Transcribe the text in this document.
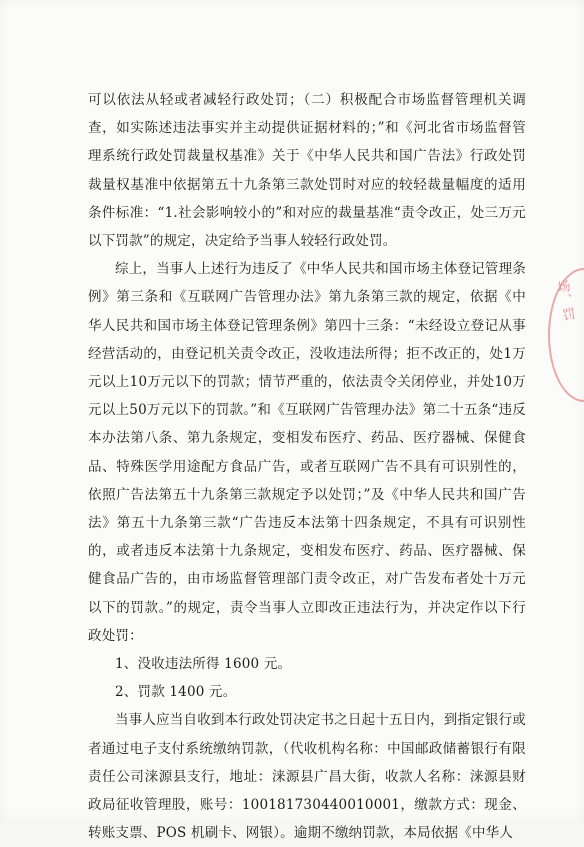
可以依法从轻或者减轻行政处罚；（二）积极配合市场监督管理机关调查，如实陈述违法事实并主动提供证据材料的；”和《河北省市场监督管理系统行政处罚裁量权基准》关于《中华人民共和国广告法》行政处罚裁量权基准中依据第五十九条第三款处罚时对应的较轻裁量幅度的适用条件标准：“1.社会影响较小的”和对应的裁量基准“责令改正，处三万元以下罚款”的规定，决定给予当事人较轻行政处罚。

综上，当事人上述行为违反了《中华人民共和国市场主体登记管理条例》第三条和《互联网广告管理办法》第九条第三款的规定，依据《中华人民共和国市场主体登记管理条例》第四十三条：“未经设立登记从事经营活动的，由登记机关责令改正，没收违法所得；拒不改正的，处1万元以上10万元以下的罚款；情节严重的，依法责令关闭停业，并处10万元以上50万元以下的罚款。”和《互联网广告管理办法》第二十五条“违反本办法第八条、第九条规定，变相发布医疗、药品、医疗器械、保健食品、特殊医学用途配方食品广告，或者互联网广告不具有可识别性的，依照广告法第五十九条第三款规定予以处罚；”及《中华人民共和国广告法》第五十九条第三款“广告违反本法第十四条规定，不具有可识别性的，或者违反本法第十九条规定，变相发布医疗、药品、医疗器械、保健食品广告的，由市场监督管理部门责令改正，对广告发布者处十万元以下的罚款。”的规定，责令当事人立即改正违法行为，并决定作以下行政处罚：

1、没收违法所得 1600 元。

2、罚款 1400 元。

当事人应当自收到本行政处罚决定书之日起十五日内，到指定银行或者通过电子支付系统缴纳罚款，（代收机构名称：中国邮政储蓄银行有限责任公司涞源县支行，地址：涞源县广昌大街，收款人名称：涞源县财政局征收管理股，账号：100181730440010001，缴款方式：现金、转账支票、POS 机刷卡、网银）。逾期不缴纳罚款，本局依据《中华人

场、罚
